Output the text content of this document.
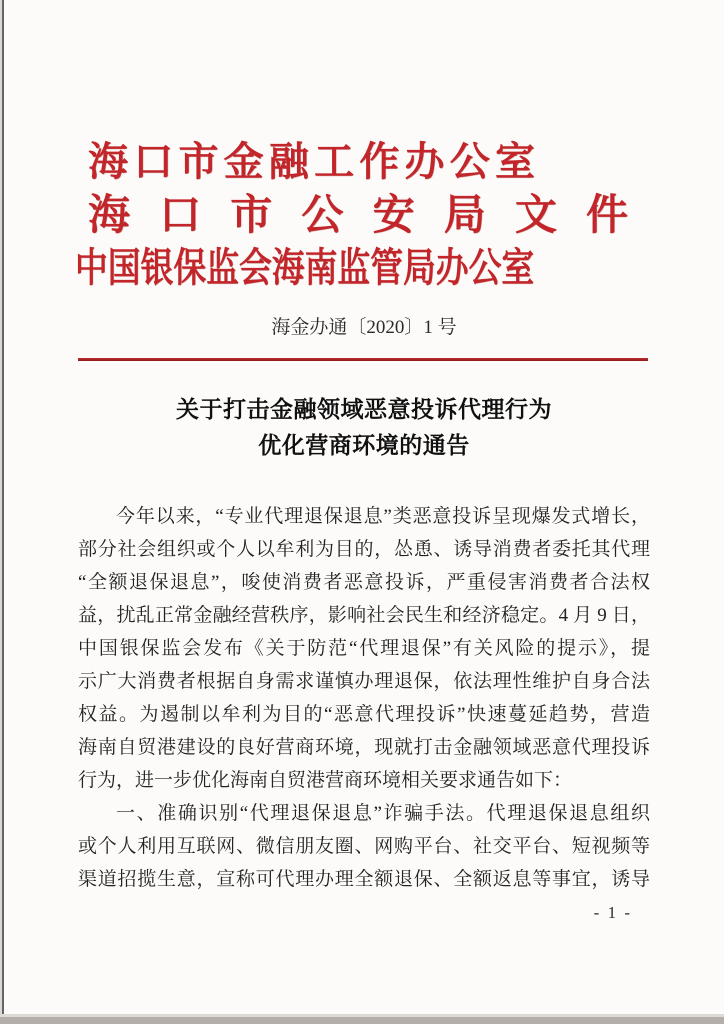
海口市金融工作办公室
海口市公安局文件
中国银保监会海南监管局办公室
海金办通〔2020〕1 号
关于打击金融领域恶意投诉代理行为
优化营商环境的通告
今年以来，“专业代理退保退息”类恶意投诉呈现爆发式增长，
部分社会组织或个人以牟利为目的，怂恿、诱导消费者委托其代理
“全额退保退息”，唆使消费者恶意投诉，严重侵害消费者合法权
益，扰乱正常金融经营秩序，影响社会民生和经济稳定。4 月 9 日，
中国银保监会发布《关于防范“代理退保”有关风险的提示》，提
示广大消费者根据自身需求谨慎办理退保，依法理性维护自身合法
权益。为遏制以牟利为目的“恶意代理投诉”快速蔓延趋势，营造
海南自贸港建设的良好营商环境，现就打击金融领域恶意代理投诉
行为，进一步优化海南自贸港营商环境相关要求通告如下：
一、准确识别“代理退保退息”诈骗手法。代理退保退息组织
或个人利用互联网、微信朋友圈、网购平台、社交平台、短视频等
渠道招揽生意，宣称可代理办理全额退保、全额返息等事宜，诱导
- 1 -
